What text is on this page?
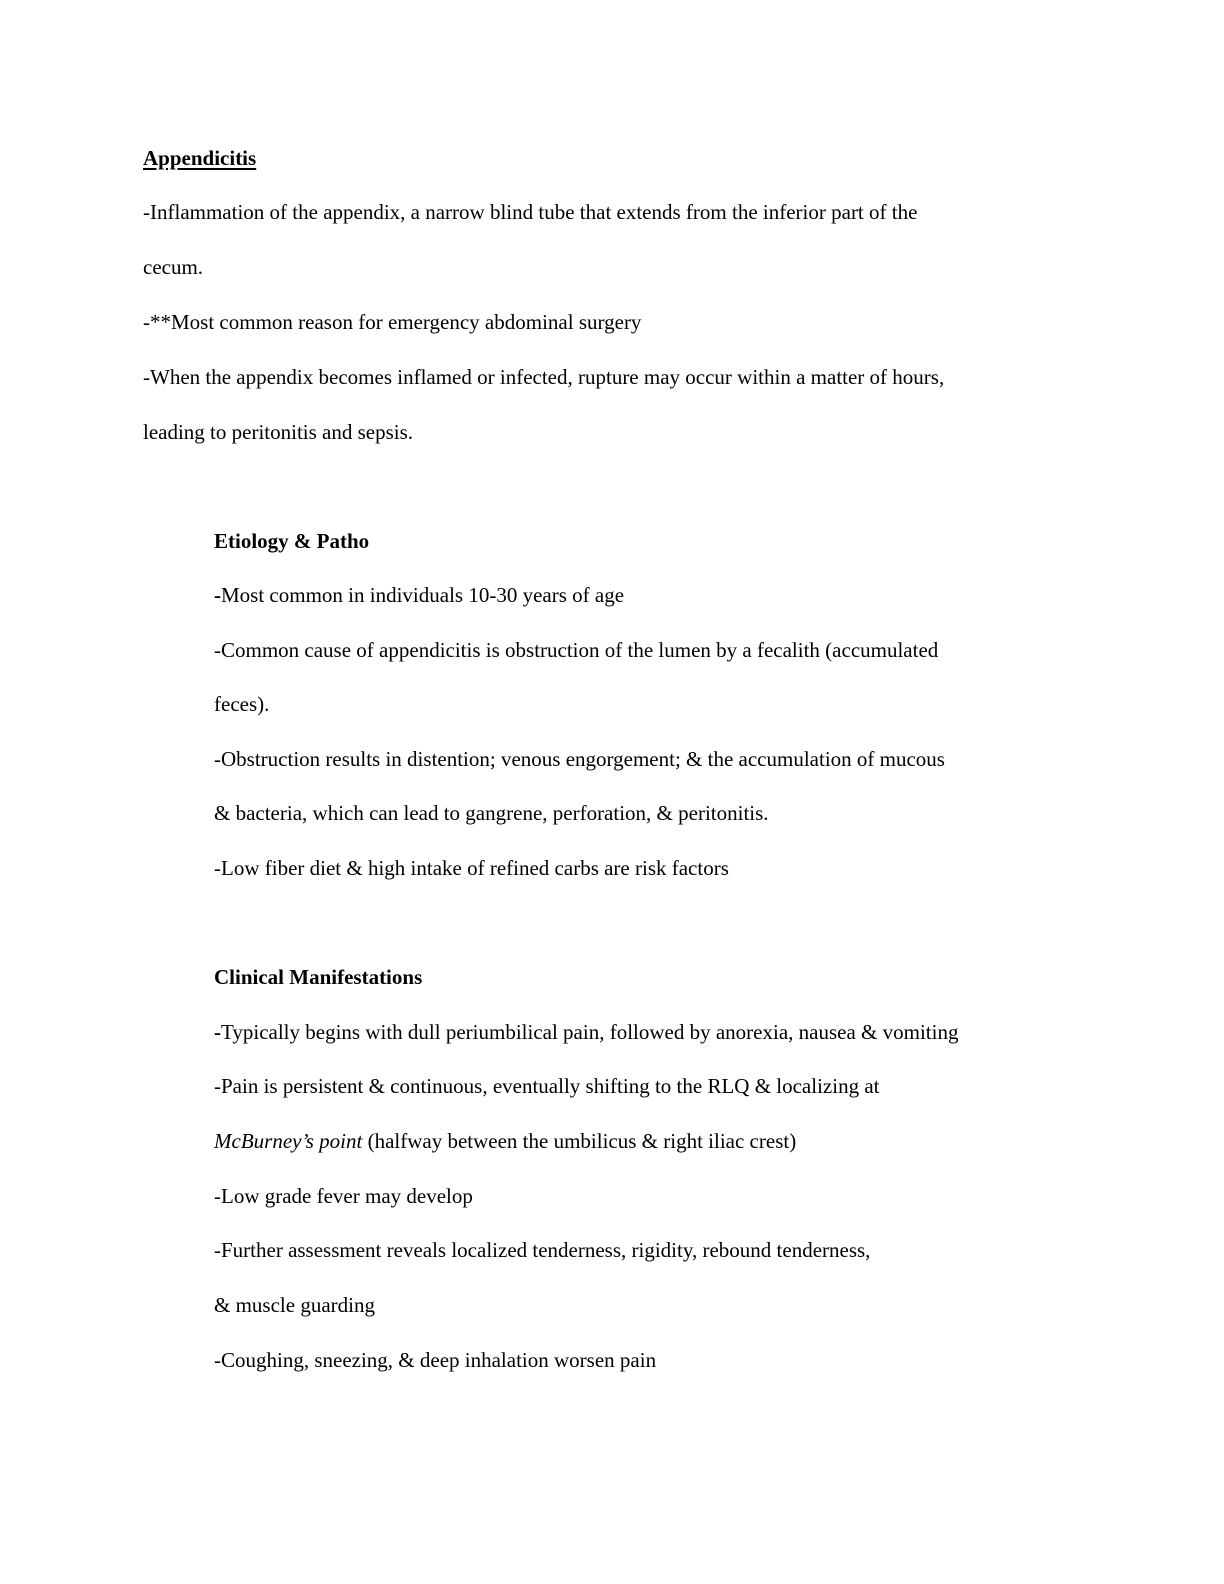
Appendicitis
-Inflammation of the appendix, a narrow blind tube that extends from the inferior part of the
cecum.
-**Most common reason for emergency abdominal surgery
-When the appendix becomes inflamed or infected, rupture may occur within a matter of hours,
leading to peritonitis and sepsis.
Etiology & Patho
-Most common in individuals 10-30 years of age
-Common cause of appendicitis is obstruction of the lumen by a fecalith (accumulated
feces).
-Obstruction results in distention; venous engorgement; & the accumulation of mucous
& bacteria, which can lead to gangrene, perforation, & peritonitis.
-Low fiber diet & high intake of refined carbs are risk factors
Clinical Manifestations
-Typically begins with dull periumbilical pain, followed by anorexia, nausea & vomiting
-Pain is persistent & continuous, eventually shifting to the RLQ & localizing at
McBurney’s point (halfway between the umbilicus & right iliac crest)
-Low grade fever may develop
-Further assessment reveals localized tenderness, rigidity, rebound tenderness,
& muscle guarding
-Coughing, sneezing, & deep inhalation worsen pain
